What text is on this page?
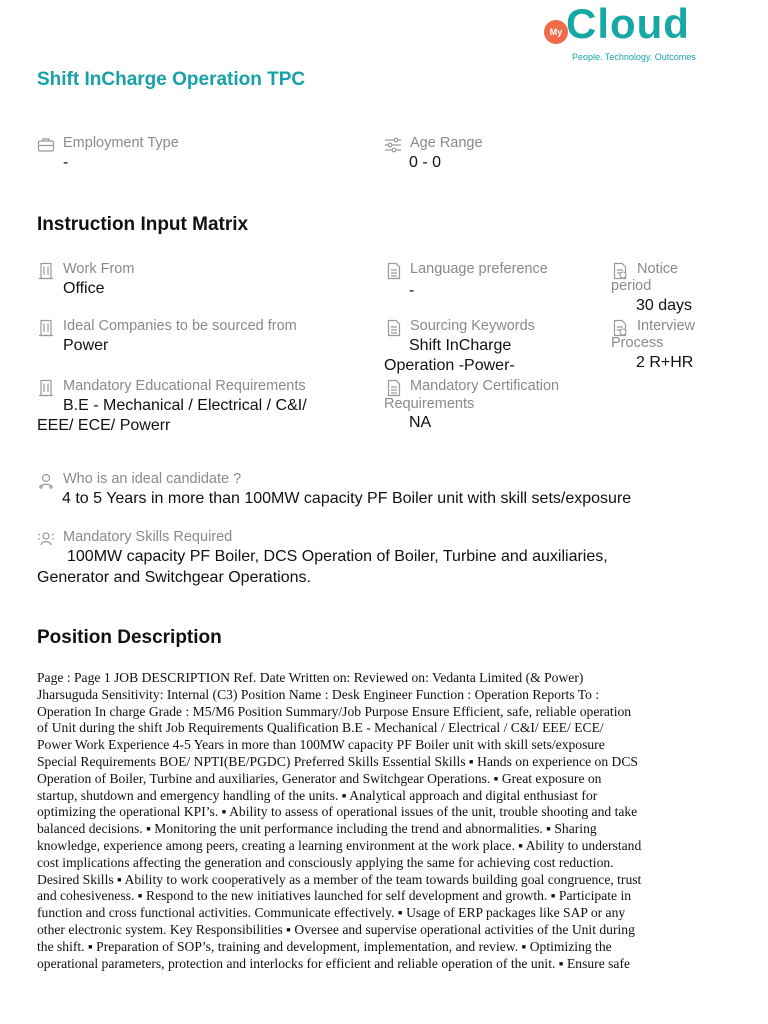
My Cloud
People. Technology. Outcomes
Shift InCharge Operation TPC
Employment Type
-
Age Range
0 - 0
Instruction Input Matrix
Work From
Office
Language preference
-
Notice
period
30 days
Ideal Companies to be sourced from
Power
Sourcing Keywords
Shift InCharge
Operation -Power-
Interview
Process
2 R+HR
Mandatory Educational Requirements
B.E - Mechanical / Electrical / C&I/
EEE/ ECE/ Powerr
Mandatory Certification
Requirements
NA
Who is an ideal candidate ?
4 to 5 Years in more than 100MW capacity PF Boiler unit with skill sets/exposure
Mandatory Skills Required
100MW capacity PF Boiler, DCS Operation of Boiler, Turbine and auxiliaries,
Generator and Switchgear Operations.
Position Description
Page : Page 1 JOB DESCRIPTION Ref. Date Written on: Reviewed on: Vedanta Limited (& Power)
Jharsuguda Sensitivity: Internal (C3) Position Name : Desk Engineer Function : Operation Reports To :
Operation In charge Grade : M5/M6 Position Summary/Job Purpose Ensure Efficient, safe, reliable operation
of Unit during the shift Job Requirements Qualification B.E - Mechanical / Electrical / C&I/ EEE/ ECE/
Power Work Experience 4-5 Years in more than 100MW capacity PF Boiler unit with skill sets/exposure
Special Requirements BOE/ NPTI(BE/PGDC) Preferred Skills Essential Skills ▪ Hands on experience on DCS
Operation of Boiler, Turbine and auxiliaries, Generator and Switchgear Operations. ▪ Great exposure on
startup, shutdown and emergency handling of the units. ▪ Analytical approach and digital enthusiast for
optimizing the operational KPI’s. ▪ Ability to assess of operational issues of the unit, trouble shooting and take
balanced decisions. ▪ Monitoring the unit performance including the trend and abnormalities. ▪ Sharing
knowledge, experience among peers, creating a learning environment at the work place. ▪ Ability to understand
cost implications affecting the generation and consciously applying the same for achieving cost reduction.
Desired Skills ▪ Ability to work cooperatively as a member of the team towards building goal congruence, trust
and cohesiveness. ▪ Respond to the new initiatives launched for self development and growth. ▪ Participate in
function and cross functional activities. Communicate effectively. ▪ Usage of ERP packages like SAP or any
other electronic system. Key Responsibilities ▪ Oversee and supervise operational activities of the Unit during
the shift. ▪ Preparation of SOP’s, training and development, implementation, and review. ▪ Optimizing the
operational parameters, protection and interlocks for efficient and reliable operation of the unit. ▪ Ensure safe
